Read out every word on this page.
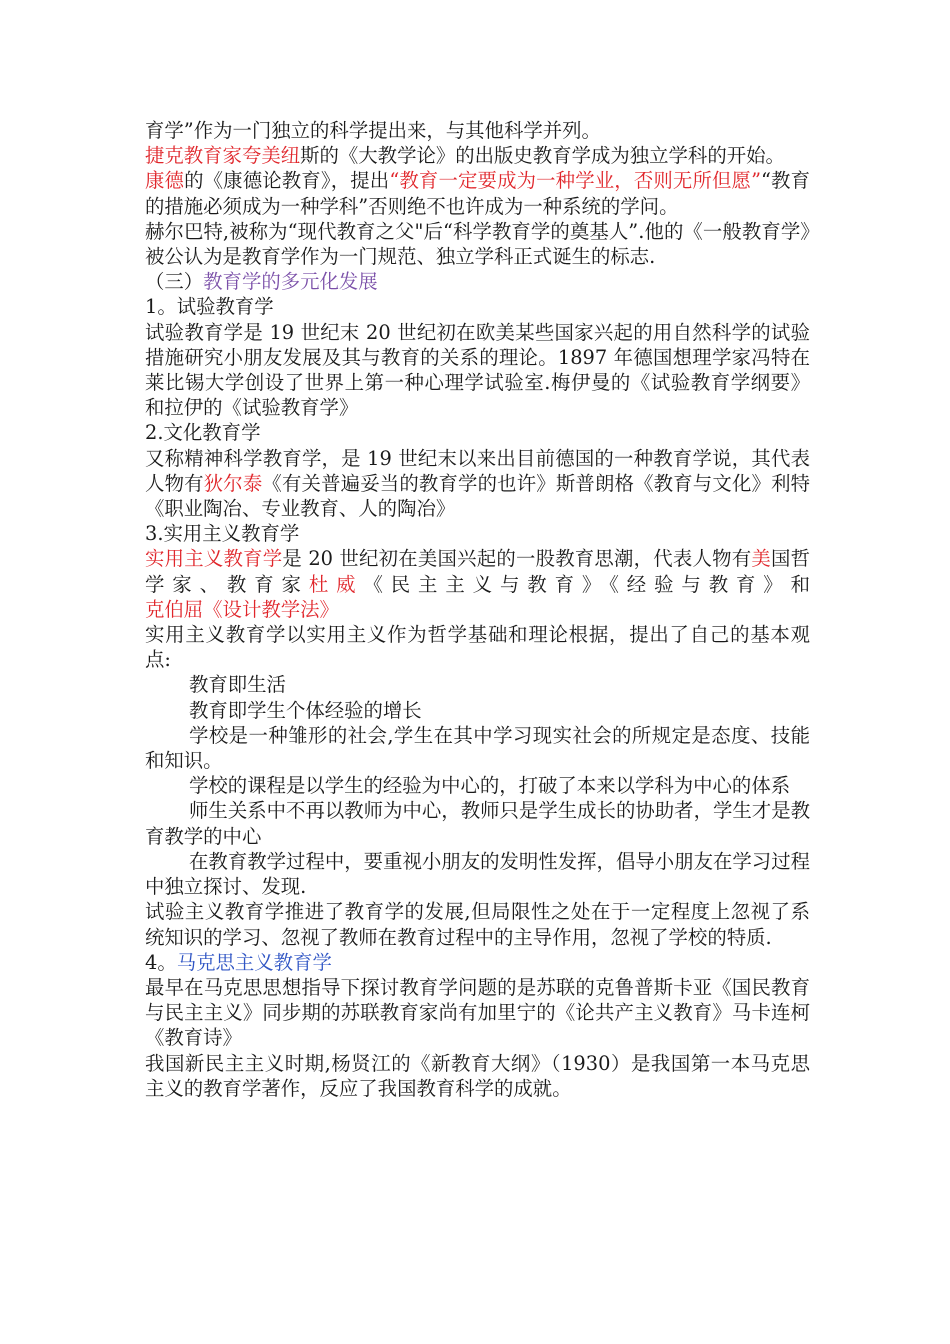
育学”作为一门独立的科学提出来，与其他科学并列。

捷克教育家夸美纽斯的《大教学论》的出版史教育学成为独立学科的开始。

康德的《康德论教育》，提出“教育一定要成为一种学业，否则无所但愿”“教育的措施必须成为一种学科”否则绝不也许成为一种系统的学问。

赫尔巴特,被称为“现代教育之父"后“科学教育学的奠基人”.他的《一般教育学》被公认为是教育学作为一门规范、独立学科正式诞生的标志.

（三）教育学的多元化发展

1。试验教育学

试验教育学是 19 世纪末 20 世纪初在欧美某些国家兴起的用自然科学的试验措施研究小朋友发展及其与教育的关系的理论。1897 年德国想理学家冯特在莱比锡大学创设了世界上第一种心理学试验室.梅伊曼的《试验教育学纲要》和拉伊的《试验教育学》

2.文化教育学

又称精神科学教育学，是 19 世纪末以来出目前德国的一种教育学说，其代表人物有狄尔泰《有关普遍妥当的教育学的也许》斯普朗格《教育与文化》利特《职业陶冶、专业教育、人的陶冶》

3.实用主义教育学

实用主义教育学是 20 世纪初在美国兴起的一股教育思潮，代表人物有美国哲学家、教育家杜威《民主主义与教育》《经验与教育》和克伯屈《设计教学法》

实用主义教育学以实用主义作为哲学基础和理论根据，提出了自己的基本观点:

教育即生活

教育即学生个体经验的增长

学校是一种雏形的社会,学生在其中学习现实社会的所规定是态度、技能和知识。

学校的课程是以学生的经验为中心的，打破了本来以学科为中心的体系

师生关系中不再以教师为中心，教师只是学生成长的协助者，学生才是教育教学的中心

在教育教学过程中，要重视小朋友的发明性发挥，倡导小朋友在学习过程中独立探讨、发现.

试验主义教育学推进了教育学的发展,但局限性之处在于一定程度上忽视了系统知识的学习、忽视了教师在教育过程中的主导作用，忽视了学校的特质.

4。马克思主义教育学

最早在马克思思想指导下探讨教育学问题的是苏联的克鲁普斯卡亚《国民教育与民主主义》同步期的苏联教育家尚有加里宁的《论共产主义教育》马卡连柯《教育诗》

我国新民主主义时期,杨贤江的《新教育大纲》（1930）是我国第一本马克思主义的教育学著作，反应了我国教育科学的成就。
